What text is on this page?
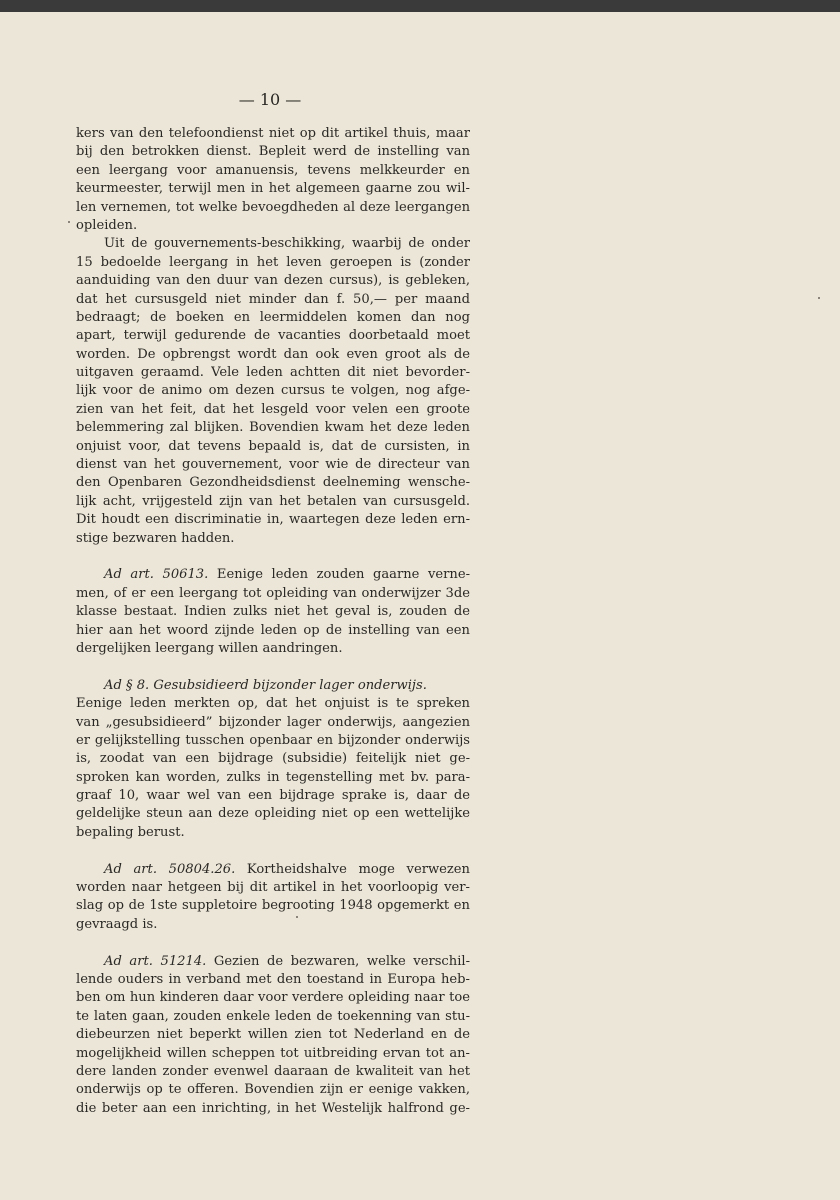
— 10 —
kers van den telefoondienst niet op dit artikel thuis, maar
bij den betrokken dienst. Bepleit werd de instelling van
een leergang voor amanuensis, tevens melkkeurder en
keurmeester, terwijl men in het algemeen gaarne zou wil-
len vernemen, tot welke bevoegdheden al deze leergangen
opleiden.
Uit de gouvernements-beschikking, waarbij de onder
15 bedoelde leergang in het leven geroepen is (zonder
aanduiding van den duur van dezen cursus), is gebleken,
dat het cursusgeld niet minder dan f. 50,— per maand
bedraagt; de boeken en leermiddelen komen dan nog
apart, terwijl gedurende de vacanties doorbetaald moet
worden. De opbrengst wordt dan ook even groot als de
uitgaven geraamd. Vele leden achtten dit niet bevorder-
lijk voor de animo om dezen cursus te volgen, nog afge-
zien van het feit, dat het lesgeld voor velen een groote
belemmering zal blijken. Bovendien kwam het deze leden
onjuist voor, dat tevens bepaald is, dat de cursisten, in
dienst van het gouvernement, voor wie de directeur van
den Openbaren Gezondheidsdienst deelneming wensche-
lijk acht, vrijgesteld zijn van het betalen van cursusgeld.
Dit houdt een discriminatie in, waartegen deze leden ern-
stige bezwaren hadden.
Ad art. 50613. Eenige leden zouden gaarne verne-
men, of er een leergang tot opleiding van onderwijzer 3de
klasse bestaat. Indien zulks niet het geval is, zouden de
hier aan het woord zijnde leden op de instelling van een
dergelijken leergang willen aandringen.
Ad § 8. Gesubsidieerd bijzonder lager onderwijs.
Eenige leden merkten op, dat het onjuist is te spreken
van „gesubsidieerd” bijzonder lager onderwijs, aangezien
er gelijkstelling tusschen openbaar en bijzonder onderwijs
is, zoodat van een bijdrage (subsidie) feitelijk niet ge-
sproken kan worden, zulks in tegenstelling met bv. para-
graaf 10, waar wel van een bijdrage sprake is, daar de
geldelijke steun aan deze opleiding niet op een wettelijke
bepaling berust.
Ad art. 50804.26. Kortheidshalve moge verwezen
worden naar hetgeen bij dit artikel in het voorloopig ver-
slag op de 1ste suppletoire begrooting 1948 opgemerkt en
gevraagd is.
Ad art. 51214. Gezien de bezwaren, welke verschil-
lende ouders in verband met den toestand in Europa heb-
ben om hun kinderen daar voor verdere opleiding naar toe
te laten gaan, zouden enkele leden de toekenning van stu-
diebeurzen niet beperkt willen zien tot Nederland en de
mogelijkheid willen scheppen tot uitbreiding ervan tot an-
dere landen zonder evenwel daaraan de kwaliteit van het
onderwijs op te offeren. Bovendien zijn er eenige vakken,
die beter aan een inrichting, in het Westelijk halfrond ge-
